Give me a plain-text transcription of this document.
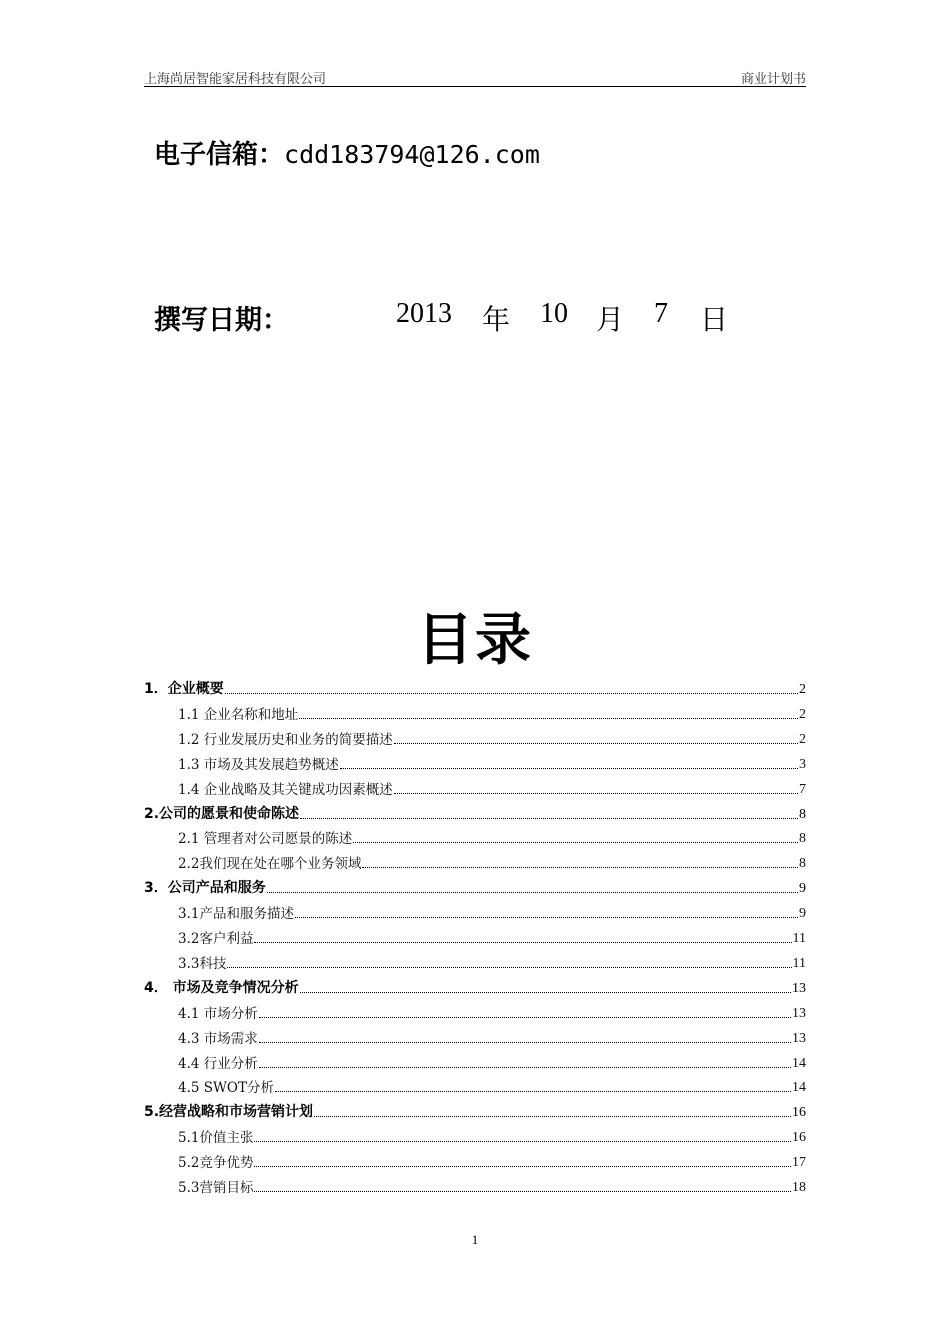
上海尚居智能家居科技有限公司	商业计划书
电子信箱：cdd183794@126.com
撰写日期：	2013 年 10 月 7 日
目录
1．企业概要	2
1.1 企业名称和地址	2
1.2 行业发展历史和业务的简要描述	2
1.3 市场及其发展趋势概述	3
1.4 企业战略及其关键成功因素概述	7
2.公司的愿景和使命陈述	8
2.1 管理者对公司愿景的陈述	8
2.2我们现在处在哪个业务领域	8
3．公司产品和服务	9
3.1产品和服务描述	9
3.2客户利益	11
3.3科技	11
4． 市场及竞争情况分析	13
4.1 市场分析	13
4.3 市场需求	13
4.4 行业分析	14
4.5 SWOT分析	14
5.经营战略和市场营销计划	16
5.1价值主张	16
5.2竞争优势	17
5.3营销目标	18
1
